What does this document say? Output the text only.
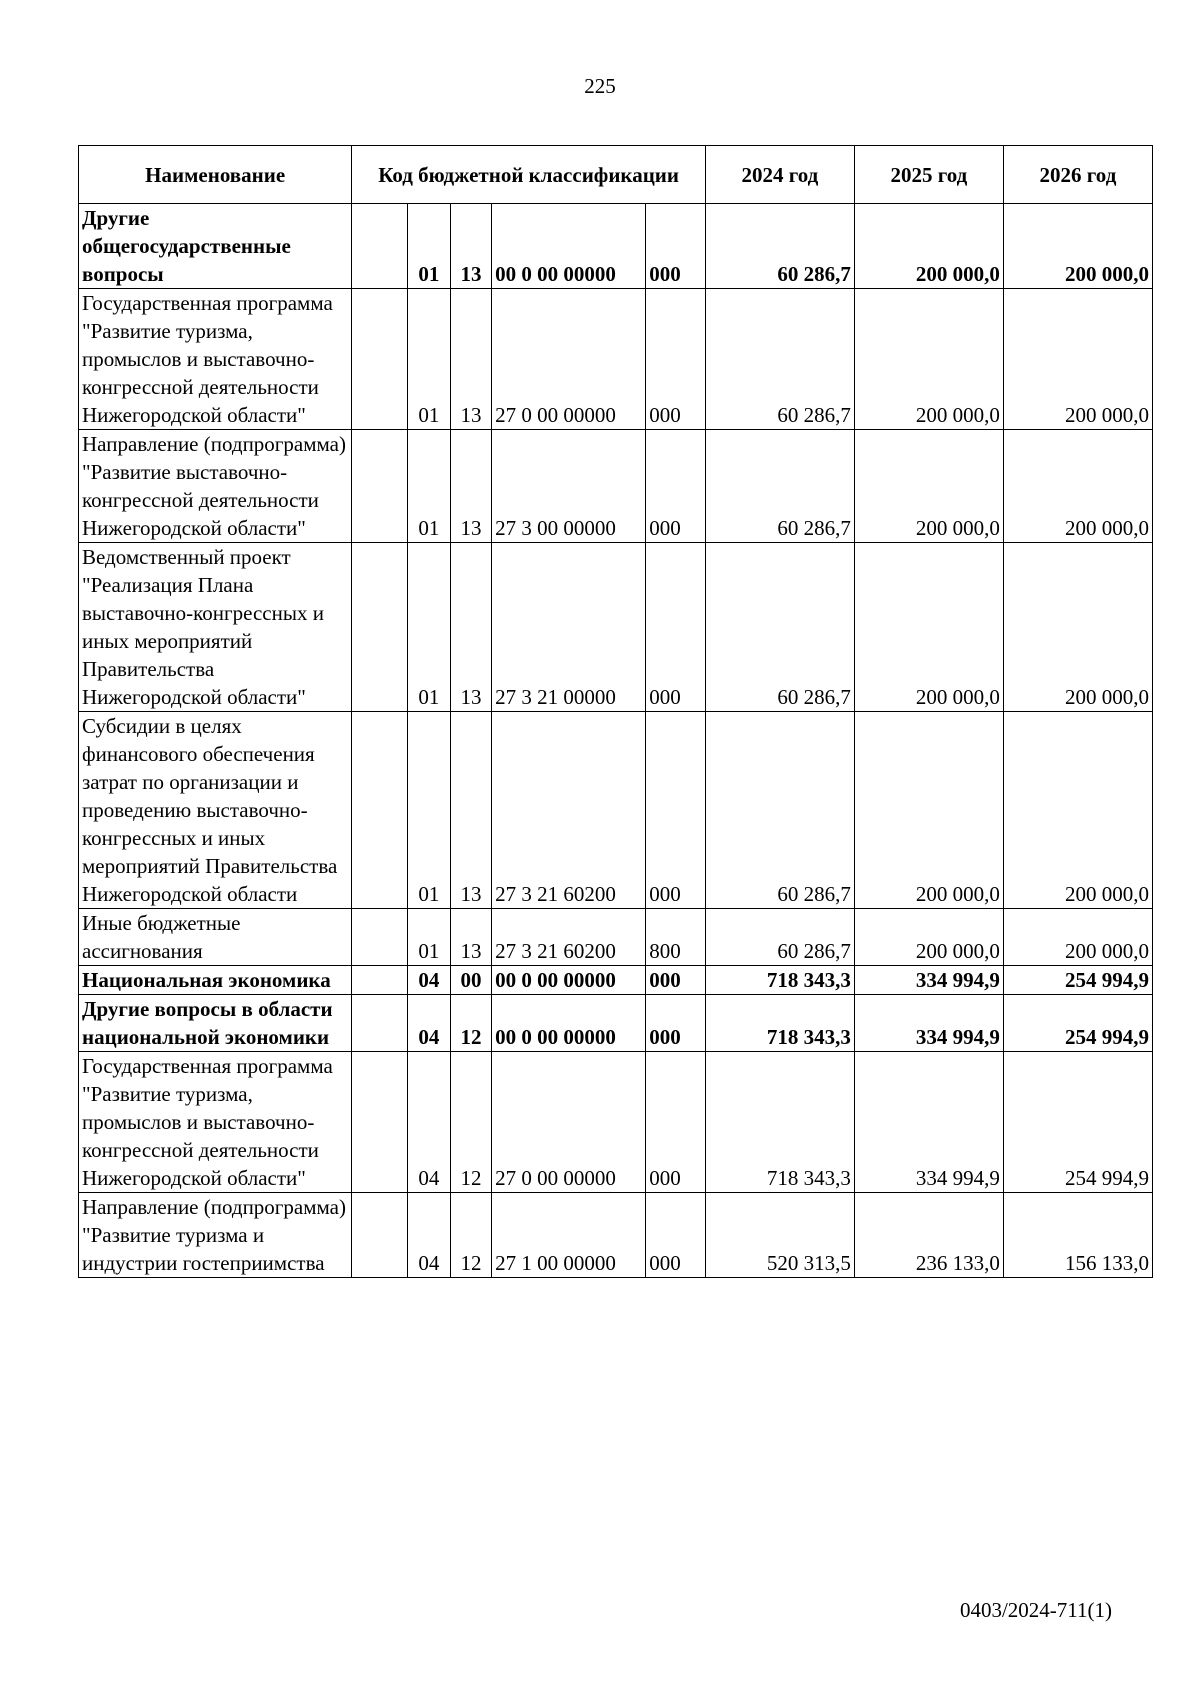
225
Наименование	Код бюджетной классификации					2024 год	2025 год	2026 год
Другие общегосударственные вопросы		01	13	00 0 00 00000	000	60 286,7	200 000,0	200 000,0
Государственная программа "Развитие туризма, промыслов и выставочно-конгрессной деятельности Нижегородской области"		01	13	27 0 00 00000	000	60 286,7	200 000,0	200 000,0
Направление (подпрограмма) "Развитие выставочно-конгрессной деятельности Нижегородской области"		01	13	27 3 00 00000	000	60 286,7	200 000,0	200 000,0
Ведомственный проект "Реализация Плана выставочно-конгрессных и иных мероприятий Правительства Нижегородской области"		01	13	27 3 21 00000	000	60 286,7	200 000,0	200 000,0
Субсидии в целях финансового обеспечения затрат по организации и проведению выставочно-конгрессных и иных мероприятий Правительства Нижегородской области		01	13	27 3 21 60200	000	60 286,7	200 000,0	200 000,0
Иные бюджетные ассигнования		01	13	27 3 21 60200	800	60 286,7	200 000,0	200 000,0
Национальная экономика		04	00	00 0 00 00000	000	718 343,3	334 994,9	254 994,9
Другие вопросы в области национальной экономики		04	12	00 0 00 00000	000	718 343,3	334 994,9	254 994,9
Государственная программа "Развитие туризма, промыслов и выставочно-конгрессной деятельности Нижегородской области"		04	12	27 0 00 00000	000	718 343,3	334 994,9	254 994,9
Направление (подпрограмма) "Развитие туризма и индустрии гостеприимства		04	12	27 1 00 00000	000	520 313,5	236 133,0	156 133,0
0403/2024-711(1)
